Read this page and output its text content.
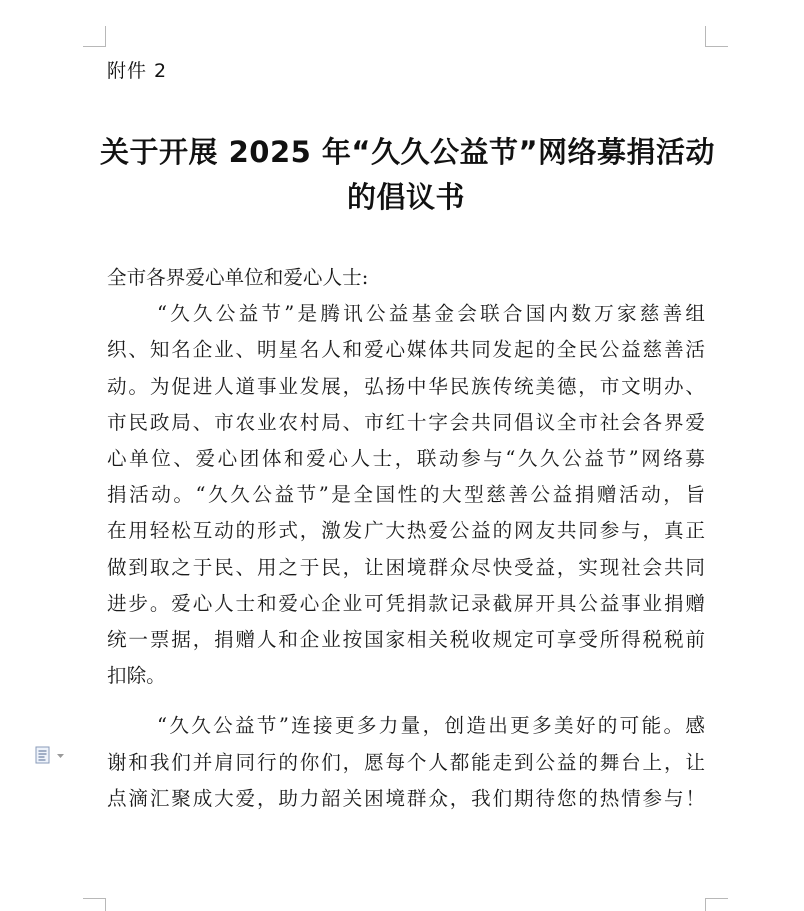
附件 2
关于开展 2025 年“久久公益节”网络募捐活动
的倡议书
全市各界爱心单位和爱心人士:
“久久公益节”是腾讯公益基金会联合国内数万家慈善组
织、知名企业、明星名人和爱心媒体共同发起的全民公益慈善活
动。为促进人道事业发展，弘扬中华民族传统美德，市文明办、
市民政局、市农业农村局、市红十字会共同倡议全市社会各界爱
心单位、爱心团体和爱心人士，联动参与“久久公益节”网络募
捐活动。“久久公益节”是全国性的大型慈善公益捐赠活动，旨
在用轻松互动的形式，激发广大热爱公益的网友共同参与，真正
做到取之于民、用之于民，让困境群众尽快受益，实现社会共同
进步。爱心人士和爱心企业可凭捐款记录截屏开具公益事业捐赠
统一票据，捐赠人和企业按国家相关税收规定可享受所得税税前
扣除。
“久久公益节”连接更多力量，创造出更多美好的可能。感
谢和我们并肩同行的你们，愿每个人都能走到公益的舞台上，让
点滴汇聚成大爱，助力韶关困境群众，我们期待您的热情参与！
